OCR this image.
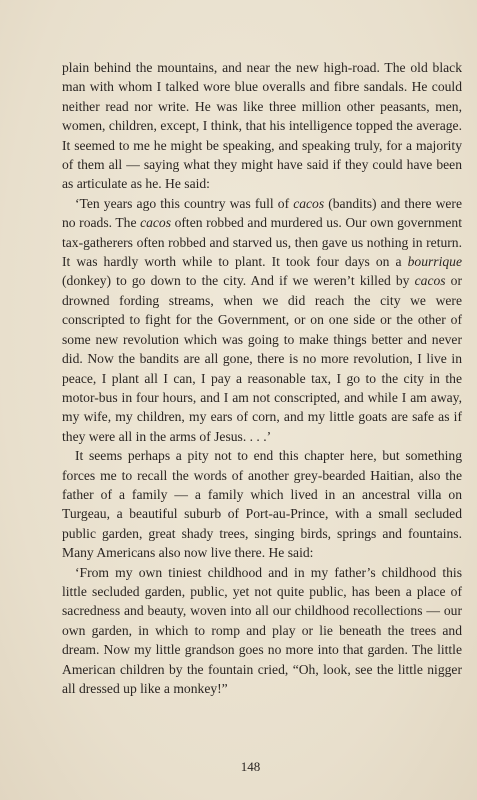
plain behind the mountains, and near the new high-road. The old black man with whom I talked wore blue overalls and fibre sandals. He could neither read nor write. He was like three million other peasants, men, women, children, except, I think, that his intelligence topped the average. It seemed to me he might be speaking, and speaking truly, for a majority of them all — saying what they might have said if they could have been as articulate as he. He said:

‘Ten years ago this country was full of cacos (bandits) and there were no roads. The cacos often robbed and murdered us. Our own government tax-gatherers often robbed and starved us, then gave us nothing in return. It was hardly worth while to plant. It took four days on a bourrique (donkey) to go down to the city. And if we weren’t killed by cacos or drowned fording streams, when we did reach the city we were conscripted to fight for the Government, or on one side or the other of some new revolution which was going to make things better and never did. Now the bandits are all gone, there is no more revolution, I live in peace, I plant all I can, I pay a reasonable tax, I go to the city in the motor-bus in four hours, and I am not conscripted, and while I am away, my wife, my children, my ears of corn, and my little goats are safe as if they were all in the arms of Jesus. . . .’

It seems perhaps a pity not to end this chapter here, but something forces me to recall the words of another grey-bearded Haitian, also the father of a family — a family which lived in an ancestral villa on Turgeau, a beautiful suburb of Port-au-Prince, with a small secluded public garden, great shady trees, singing birds, springs and fountains. Many Americans also now live there. He said:

‘From my own tiniest childhood and in my father’s childhood this little secluded garden, public, yet not quite public, has been a place of sacredness and beauty, woven into all our childhood recollections — our own garden, in which to romp and play or lie beneath the trees and dream. Now my little grandson goes no more into that garden. The little American children by the fountain cried, “Oh, look, see the little nigger all dressed up like a monkey!”

148
